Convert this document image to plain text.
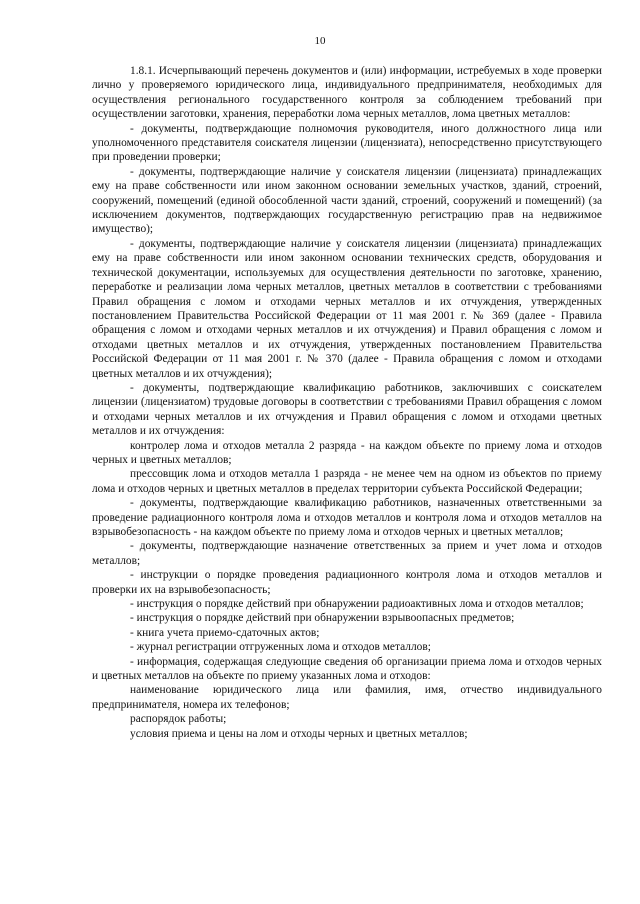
10

1.8.1. Исчерпывающий перечень документов и (или) информации, истребуемых в ходе проверки лично у проверяемого юридического лица, индивидуального предпринимателя, необходимых для осуществления регионального государственного контроля за соблюдением требований при осуществлении заготовки, хранения, переработки лома черных металлов, лома цветных металлов:

- документы, подтверждающие полномочия руководителя, иного должностного лица или уполномоченного представителя соискателя лицензии (лицензиата), непосредственно присутствующего при проведении проверки;

- документы, подтверждающие наличие у соискателя лицензии (лицензиата) принадлежащих ему на праве собственности или ином законном основании земельных участков, зданий, строений, сооружений, помещений (единой обособленной части зданий, строений, сооружений и помещений) (за исключением документов, подтверждающих государственную регистрацию прав на недвижимое имущество);

- документы, подтверждающие наличие у соискателя лицензии (лицензиата) принадлежащих ему на праве собственности или ином законном основании технических средств, оборудования и технической документации, используемых для осуществления деятельности по заготовке, хранению, переработке и реализации лома черных металлов, цветных металлов в соответствии с требованиями Правил обращения с ломом и отходами черных металлов и их отчуждения, утвержденных постановлением Правительства Российской Федерации от 11 мая 2001 г. № 369 (далее - Правила обращения с ломом и отходами черных металлов и их отчуждения) и Правил обращения с ломом и отходами цветных металлов и их отчуждения, утвержденных постановлением Правительства Российской Федерации от 11 мая 2001 г. № 370 (далее - Правила обращения с ломом и отходами цветных металлов и их отчуждения);

- документы, подтверждающие квалификацию работников, заключивших с соискателем лицензии (лицензиатом) трудовые договоры в соответствии с требованиями Правил обращения с ломом и отходами черных металлов и их отчуждения и Правил обращения с ломом и отходами цветных металлов и их отчуждения:

контролер лома и отходов металла 2 разряда - на каждом объекте по приему лома и отходов черных и цветных металлов;

прессовщик лома и отходов металла 1 разряда - не менее чем на одном из объектов по приему лома и отходов черных и цветных металлов в пределах территории субъекта Российской Федерации;

- документы, подтверждающие квалификацию работников, назначенных ответственными за проведение радиационного контроля лома и отходов металлов и контроля лома и отходов металлов на взрывобезопасность - на каждом объекте по приему лома и отходов черных и цветных металлов;

- документы, подтверждающие назначение ответственных за прием и учет лома и отходов металлов;

- инструкции о порядке проведения радиационного контроля лома и отходов металлов и проверки их на взрывобезопасность;

- инструкция о порядке действий при обнаружении радиоактивных лома и отходов металлов;

- инструкция о порядке действий при обнаружении взрывоопасных предметов;

- книга учета приемо-сдаточных актов;

- журнал регистрации отгруженных лома и отходов металлов;

- информация, содержащая следующие сведения об организации приема лома и отходов черных и цветных металлов на объекте по приему указанных лома и отходов:

наименование юридического лица или фамилия, имя, отчество индивидуального предпринимателя, номера их телефонов;

распорядок работы;

условия приема и цены на лом и отходы черных и цветных металлов;
